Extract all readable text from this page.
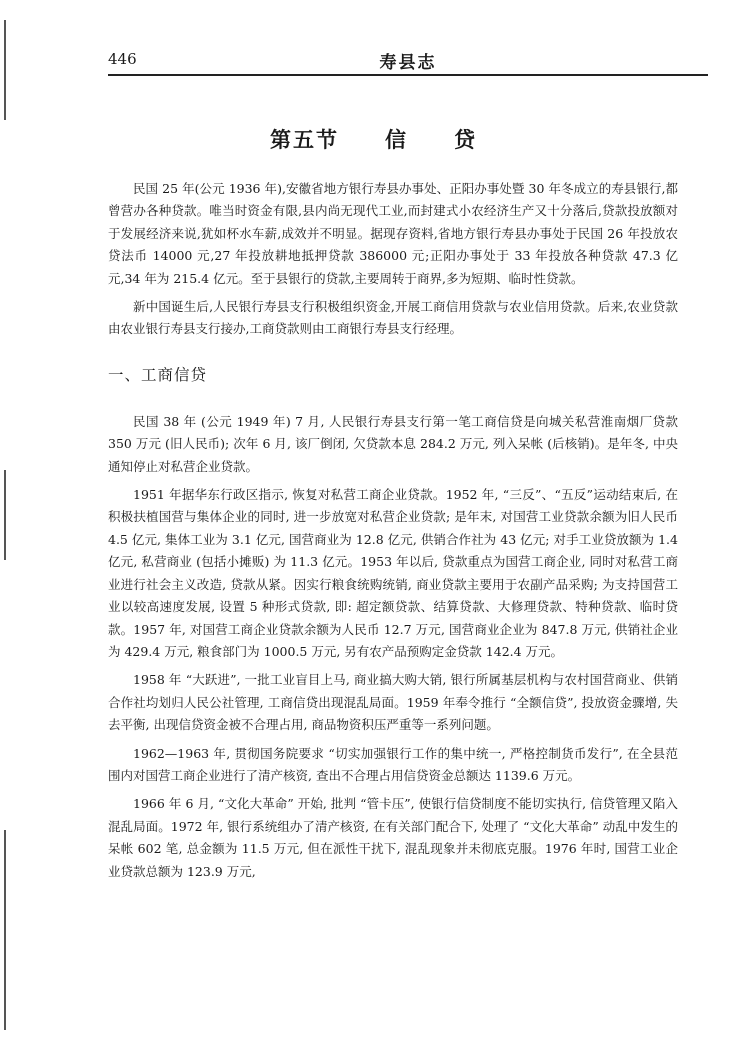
446	寿县志
第五节 信 贷

民国 25 年(公元 1936 年),安徽省地方银行寿县办事处、正阳办事处暨 30 年冬成立的寿县银行,都曾营办各种贷款。唯当时资金有限,县内尚无现代工业,而封建式小农经济生产又十分落后,贷款投放额对于发展经济来说,犹如杯水车薪,成效并不明显。据现存资料,省地方银行寿县办事处于民国 26 年投放农贷法币 14000 元,27 年投放耕地抵押贷款 386000 元;正阳办事处于 33 年投放各种贷款 47.3 亿元,34 年为 215.4 亿元。至于县银行的贷款,主要周转于商界,多为短期、临时性贷款。

新中国诞生后,人民银行寿县支行积极组织资金,开展工商信用贷款与农业信用贷款。后来,农业贷款由农业银行寿县支行接办,工商贷款则由工商银行寿县支行经理。

一、工商信贷

民国 38 年 (公元 1949 年) 7 月, 人民银行寿县支行第一笔工商信贷是向城关私营淮南烟厂贷款 350 万元 (旧人民币); 次年 6 月, 该厂倒闭, 欠贷款本息 284.2 万元, 列入呆帐 (后核销)。是年冬, 中央通知停止对私营企业贷款。

1951 年据华东行政区指示, 恢复对私营工商企业贷款。1952 年, “三反”、“五反”运动结束后, 在积极扶植国营与集体企业的同时, 进一步放宽对私营企业贷款; 是年末, 对国营工业贷款余额为旧人民币 4.5 亿元, 集体工业为 3.1 亿元, 国营商业为 12.8 亿元, 供销合作社为 43 亿元; 对手工业贷放额为 1.4 亿元, 私营商业 (包括小摊贩) 为 11.3 亿元。1953 年以后, 贷款重点为国营工商企业, 同时对私营工商业进行社会主义改造, 贷款从紧。因实行粮食统购统销, 商业贷款主要用于农副产品采购; 为支持国营工业以较高速度发展, 设置 5 种形式贷款, 即: 超定额贷款、结算贷款、大修理贷款、特种贷款、临时贷款。1957 年, 对国营工商企业贷款余额为人民币 12.7 万元, 国营商业企业为 847.8 万元, 供销社企业为 429.4 万元, 粮食部门为 1000.5 万元, 另有农产品预购定金贷款 142.4 万元。

1958 年 “大跃进”, 一批工业盲目上马, 商业搞大购大销, 银行所属基层机构与农村国营商业、供销合作社均划归人民公社管理, 工商信贷出现混乱局面。1959 年奉令推行 “全额信贷”, 投放资金骤增, 失去平衡, 出现信贷资金被不合理占用, 商品物资积压严重等一系列问题。

1962—1963 年, 贯彻国务院要求 “切实加强银行工作的集中统一, 严格控制货币发行”, 在全县范围内对国营工商企业进行了清产核资, 查出不合理占用信贷资金总额达 1139.6 万元。

1966 年 6 月, “文化大革命” 开始, 批判 “管卡压”, 使银行信贷制度不能切实执行, 信贷管理又陷入混乱局面。1972 年, 银行系统组办了清产核资, 在有关部门配合下, 处理了 “文化大革命” 动乱中发生的呆帐 602 笔, 总金额为 11.5 万元, 但在派性干扰下, 混乱现象并未彻底克服。1976 年时, 国营工业企业贷款总额为 123.9 万元,
